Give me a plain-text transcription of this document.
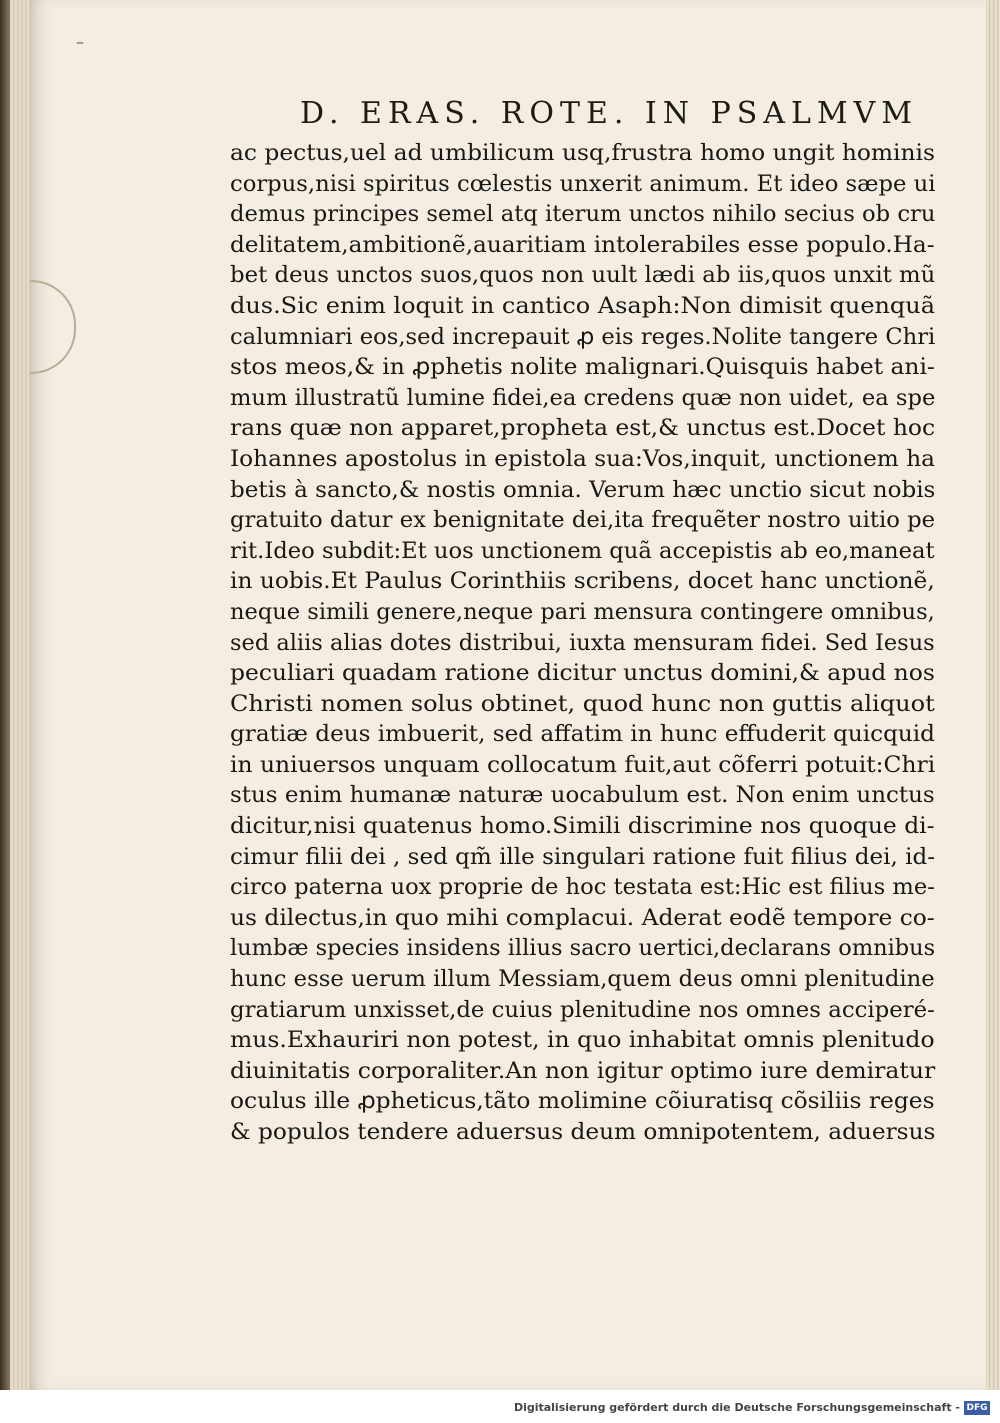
–
D. ERAS. ROTE. IN PSALMVM
ac pectus,uel ad umbilicum usq,frustra homo ungit hominis
corpus,nisi spiritus cœlestis unxerit animum. Et ideo sæpe ui
demus principes semel atq iterum unctos nihilo secius ob cru
delitatem,ambitionẽ,auaritiam intolerabiles esse populo.Ha-
bet deus unctos suos,quos non uult lædi ab iis,quos unxit mũ
dus.Sic enim loquit in cantico Asaph:Non dimisit quenquã
calumniari eos,sed increpauit ꝓ eis reges.Nolite tangere Chri
stos meos,& in ꝓphetis nolite malignari.Quisquis habet ani-
mum illustratũ lumine fidei,ea credens quæ non uidet, ea spe
rans quæ non apparet,propheta est,& unctus est.Docet hoc
Iohannes apostolus in epistola sua:Vos,inquit, unctionem ha
betis à sancto,& nostis omnia. Verum hæc unctio sicut nobis
gratuito datur ex benignitate dei,ita frequẽter nostro uitio pe
rit.Ideo subdit:Et uos unctionem quã accepistis ab eo,maneat
in uobis.Et Paulus Corinthiis scribens, docet hanc unctionẽ,
neque simili genere,neque pari mensura contingere omnibus,
sed aliis alias dotes distribui, iuxta mensuram fidei. Sed Iesus
peculiari quadam ratione dicitur unctus domini,& apud nos
Christi nomen solus obtinet, quod hunc non guttis aliquot
gratiæ deus imbuerit, sed affatim in hunc effuderit quicquid
in uniuersos unquam collocatum fuit,aut cõferri potuit:Chri
stus enim humanæ naturæ uocabulum est. Non enim unctus
dicitur,nisi quatenus homo.Simili discrimine nos quoque di-
cimur filii dei , sed qm̃ ille singulari ratione fuit filius dei, id-
circo paterna uox proprie de hoc testata est:Hic est filius me-
us dilectus,in quo mihi complacui. Aderat eodẽ tempore co-
lumbæ species insidens illius sacro uertici,declarans omnibus
hunc esse uerum illum Messiam,quem deus omni plenitudine
gratiarum unxisset,de cuius plenitudine nos omnes acciperé-
mus.Exhauriri non potest, in quo inhabitat omnis plenitudo
diuinitatis corporaliter.An non igitur optimo iure demiratur
oculus ille ꝓpheticus,tãto molimine cõiuratisq cõsiliis reges
& populos tendere aduersus deum omnipotentem, aduersus
Digitalisierung gefördert durch die Deutsche Forschungsgemeinschaft - DFG
